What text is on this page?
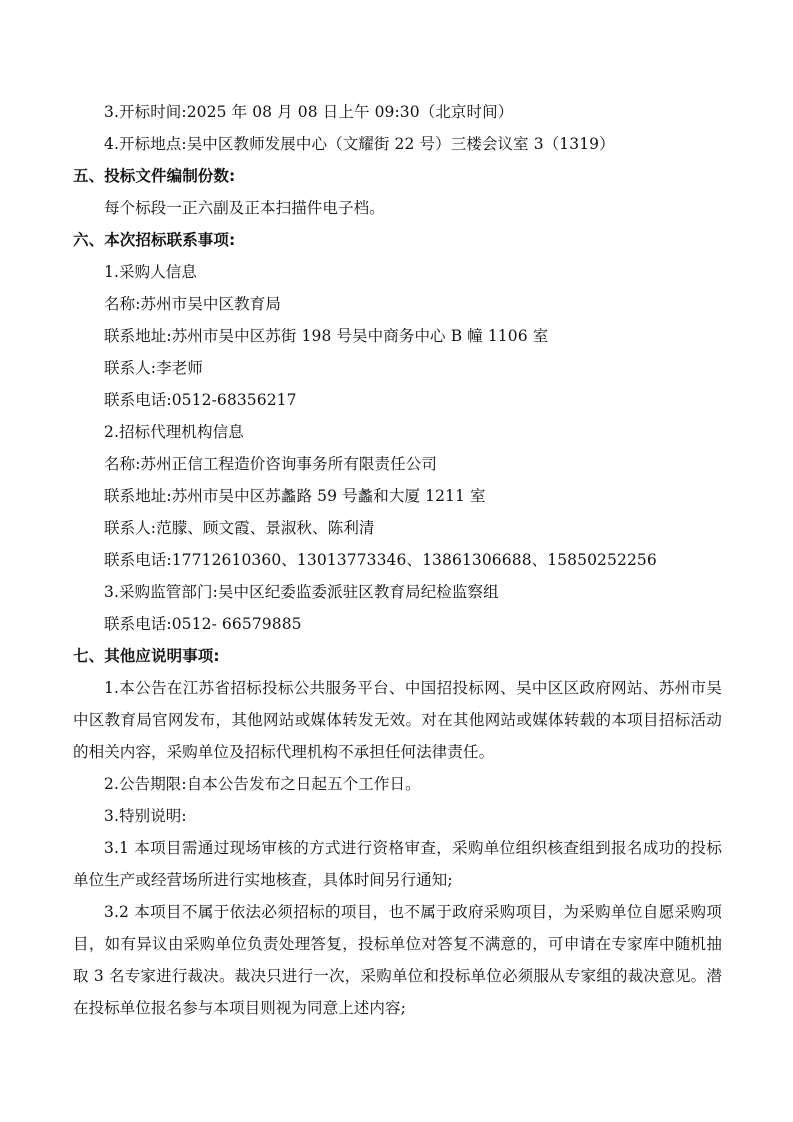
3.开标时间:2025 年 08 月 08 日上午 09:30（北京时间）
4.开标地点:吴中区教师发展中心（文耀街 22 号）三楼会议室 3（1319）
五、投标文件编制份数:
每个标段一正六副及正本扫描件电子档。
六、本次招标联系事项:
1.采购人信息
名称:苏州市吴中区教育局
联系地址:苏州市吴中区苏街 198 号吴中商务中心 B 幢 1106 室
联系人:李老师
联系电话:0512-68356217
2.招标代理机构信息
名称:苏州正信工程造价咨询事务所有限责任公司
联系地址:苏州市吴中区苏蠡路 59 号蠡和大厦 1211 室
联系人:范朦、顾文霞、景淑秋、陈利清
联系电话:17712610360、13013773346、13861306688、15850252256
3.采购监管部门:吴中区纪委监委派驻区教育局纪检监察组
联系电话:0512- 66579885
七、其他应说明事项:
1.本公告在江苏省招标投标公共服务平台、中国招投标网、吴中区区政府网站、苏州市吴
中区教育局官网发布，其他网站或媒体转发无效。对在其他网站或媒体转载的本项目招标活动
的相关内容，采购单位及招标代理机构不承担任何法律责任。
2.公告期限:自本公告发布之日起五个工作日。
3.特别说明:
3.1 本项目需通过现场审核的方式进行资格审查，采购单位组织核查组到报名成功的投标
单位生产或经营场所进行实地核查，具体时间另行通知;
3.2 本项目不属于依法必须招标的项目，也不属于政府采购项目，为采购单位自愿采购项
目，如有异议由采购单位负责处理答复，投标单位对答复不满意的，可申请在专家库中随机抽
取 3 名专家进行裁决。裁决只进行一次，采购单位和投标单位必须服从专家组的裁决意见。潜
在投标单位报名参与本项目则视为同意上述内容;
